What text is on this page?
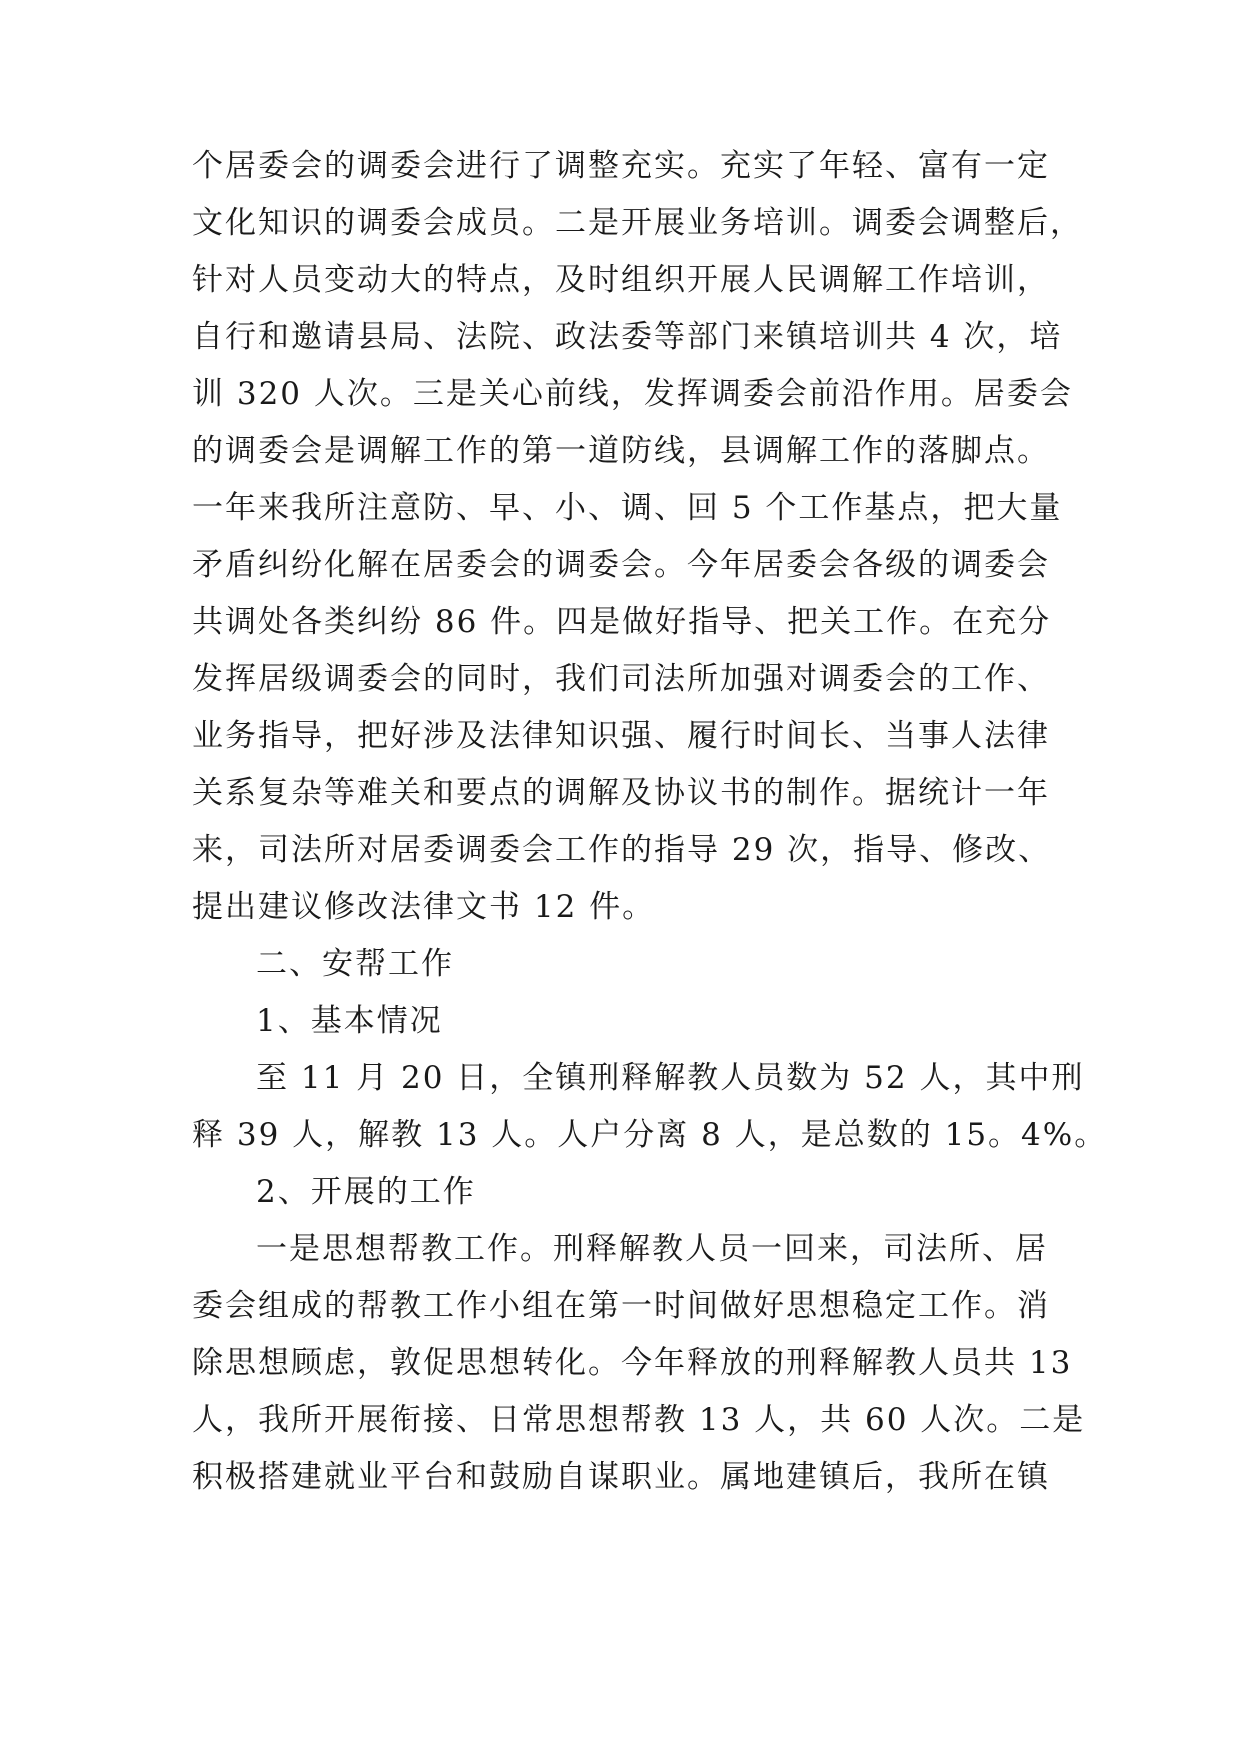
个居委会的调委会进行了调整充实。充实了年轻、富有一定
文化知识的调委会成员。二是开展业务培训。调委会调整后，
针对人员变动大的特点，及时组织开展人民调解工作培训，
自行和邀请县局、法院、政法委等部门来镇培训共 4 次，培
训 320 人次。三是关心前线，发挥调委会前沿作用。居委会
的调委会是调解工作的第一道防线，县调解工作的落脚点。
一年来我所注意防、早、小、调、回 5 个工作基点，把大量
矛盾纠纷化解在居委会的调委会。今年居委会各级的调委会
共调处各类纠纷 86 件。四是做好指导、把关工作。在充分
发挥居级调委会的同时，我们司法所加强对调委会的工作、
业务指导，把好涉及法律知识强、履行时间长、当事人法律
关系复杂等难关和要点的调解及协议书的制作。据统计一年
来，司法所对居委调委会工作的指导 29 次，指导、修改、
提出建议修改法律文书 12 件。
二、安帮工作
1、基本情况
至 11 月 20 日，全镇刑释解教人员数为 52 人，其中刑
释 39 人，解教 13 人。人户分离 8 人，是总数的 15。4%。
2、开展的工作
一是思想帮教工作。刑释解教人员一回来，司法所、居
委会组成的帮教工作小组在第一时间做好思想稳定工作。消
除思想顾虑，敦促思想转化。今年释放的刑释解教人员共 13
人，我所开展衔接、日常思想帮教 13 人，共 60 人次。二是
积极搭建就业平台和鼓励自谋职业。属地建镇后，我所在镇
